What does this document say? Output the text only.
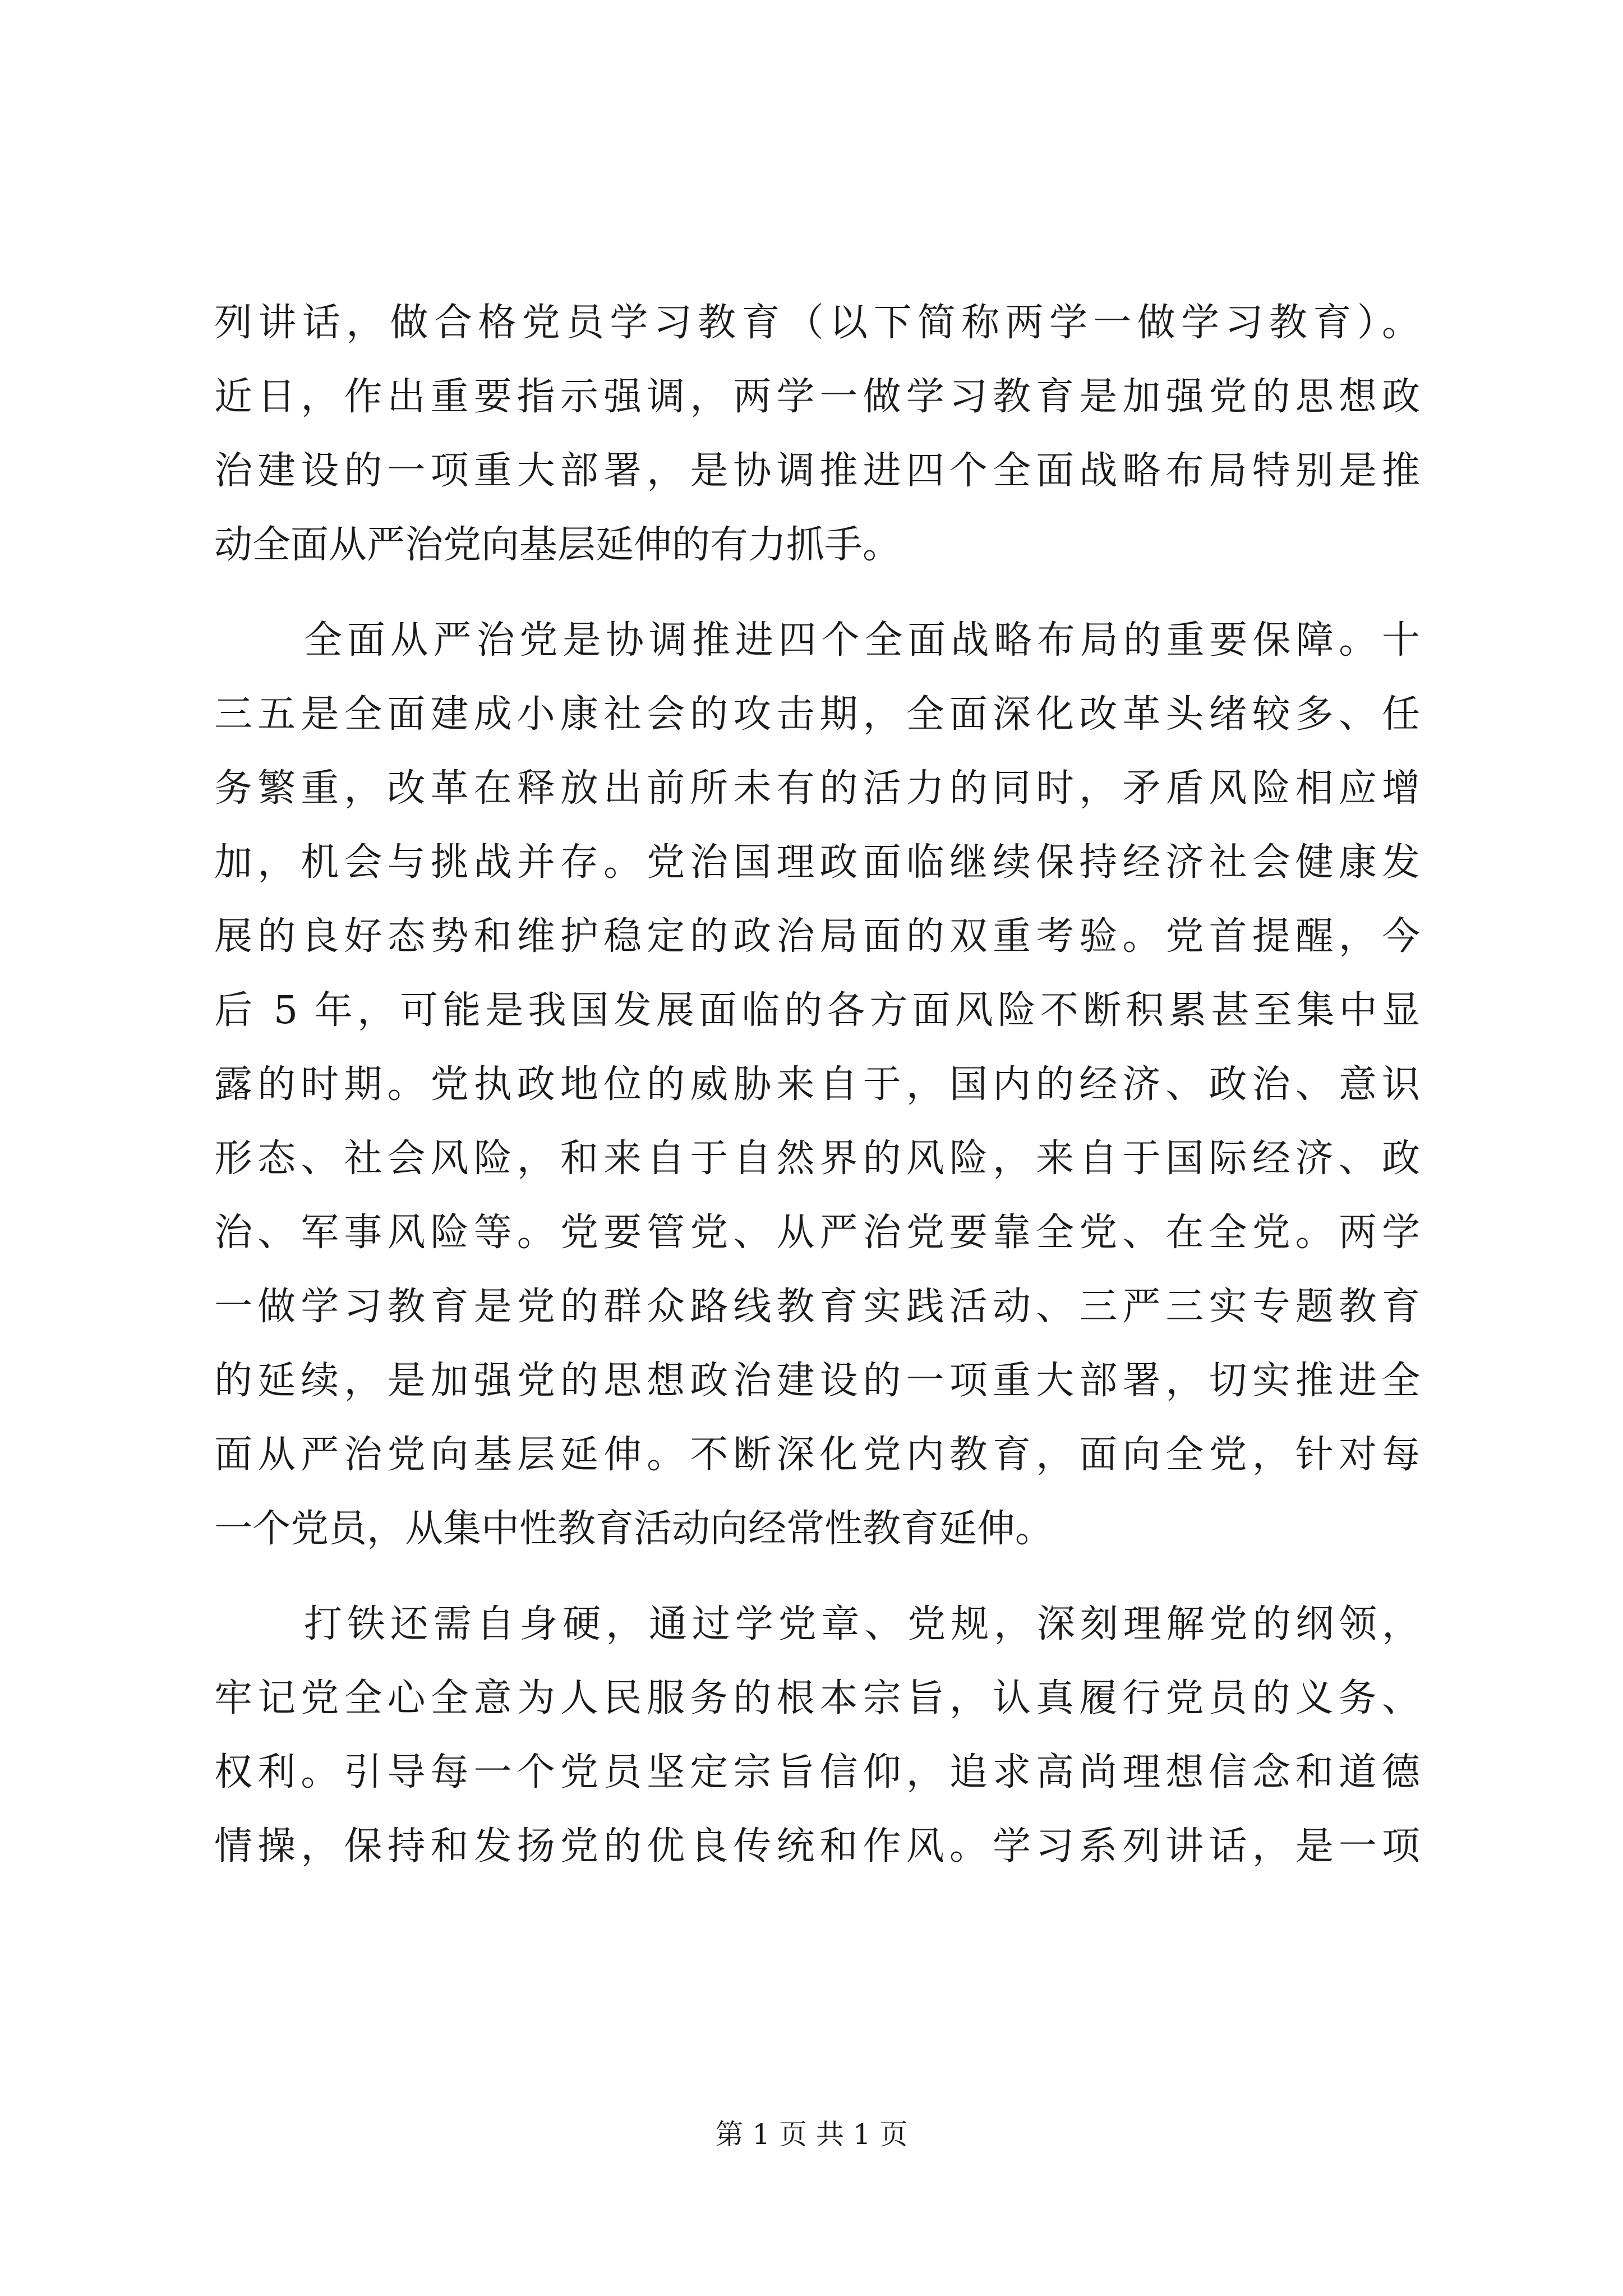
列讲话，做合格党员学习教育（以下简称两学一做学习教育）。
近日，作出重要指示强调，两学一做学习教育是加强党的思想政
治建设的一项重大部署，是协调推进四个全面战略布局特别是推
动全面从严治党向基层延伸的有力抓手。
全面从严治党是协调推进四个全面战略布局的重要保障。十
三五是全面建成小康社会的攻击期，全面深化改革头绪较多、任
务繁重，改革在释放出前所未有的活力的同时，矛盾风险相应增
加，机会与挑战并存。党治国理政面临继续保持经济社会健康发
展的良好态势和维护稳定的政治局面的双重考验。党首提醒，今
后 5 年，可能是我国发展面临的各方面风险不断积累甚至集中显
露的时期。党执政地位的威胁来自于，国内的经济、政治、意识
形态、社会风险，和来自于自然界的风险，来自于国际经济、政
治、军事风险等。党要管党、从严治党要靠全党、在全党。两学
一做学习教育是党的群众路线教育实践活动、三严三实专题教育
的延续，是加强党的思想政治建设的一项重大部署，切实推进全
面从严治党向基层延伸。不断深化党内教育，面向全党，针对每
一个党员，从集中性教育活动向经常性教育延伸。
打铁还需自身硬，通过学党章、党规，深刻理解党的纲领，
牢记党全心全意为人民服务的根本宗旨，认真履行党员的义务、
权利。引导每一个党员坚定宗旨信仰，追求高尚理想信念和道德
情操，保持和发扬党的优良传统和作风。学习系列讲话，是一项
第 1 页 共 1 页
